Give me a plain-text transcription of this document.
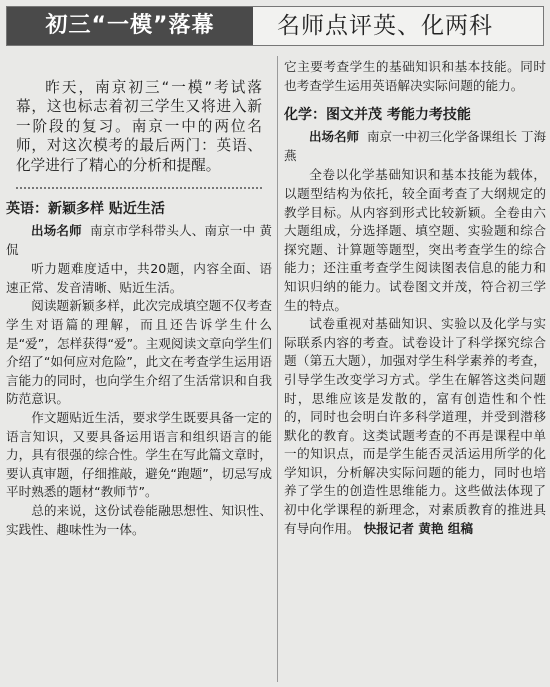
初三“一模”落幕	名师点评英、化两科

昨天，南京初三“一模”考试落幕，这也标志着初三学生又将进入新一阶段的复习。南京一中的两位名师，对这次模考的最后两门：英语、化学进行了精心的分析和提醒。

英语：新颖多样 贴近生活

出场名师 南京市学科带头人、南京一中 黄侃

听力题难度适中，共20题，内容全面、语速正常、发音清晰、贴近生活。

阅读题新颖多样，此次完成填空题不仅考查学生对语篇的理解，而且还告诉学生什么是“爱”，怎样获得“爱”。主观阅读文章向学生们介绍了“如何应对危险”，此文在考查学生运用语言能力的同时，也向学生介绍了生活常识和自我防范意识。

作文题贴近生活，要求学生既要具备一定的语言知识，又要具备运用语言和组织语言的能力，具有很强的综合性。学生在写此篇文章时，要认真审题，仔细推敲，避免“跑题”，切忌写成平时熟悉的题材“教师节”。

总的来说，这份试卷能融思想性、知识性、实践性、趣味性为一体。

它主要考查学生的基础知识和基本技能。同时也考查学生运用英语解决实际问题的能力。

化学：图文并茂 考能力考技能

出场名师 南京一中初三化学备课组长 丁海燕

全卷以化学基础知识和基本技能为载体，以题型结构为依托，较全面考查了大纲规定的教学目标。从内容到形式比较新颖。全卷由六大题组成，分选择题、填空题、实验题和综合探究题、计算题等题型，突出考查学生的综合能力；还注重考查学生阅读图表信息的能力和知识归纳的能力。试卷图文并茂，符合初三学生的特点。

试卷重视对基础知识、实验以及化学与实际联系内容的考查。试卷设计了科学探究综合题（第五大题），加强对学生科学素养的考查，引导学生改变学习方式。学生在解答这类问题时，思维应该是发散的，富有创造性和个性的，同时也会明白许多科学道理，并受到潜移默化的教育。这类试题考查的不再是课程中单一的知识点，而是学生能否灵活运用所学的化学知识，分析解决实际问题的能力，同时也培养了学生的创造性思维能力。这些做法体现了初中化学课程的新理念，对素质教育的推进具有导向作用。 快报记者 黄艳 组稿
